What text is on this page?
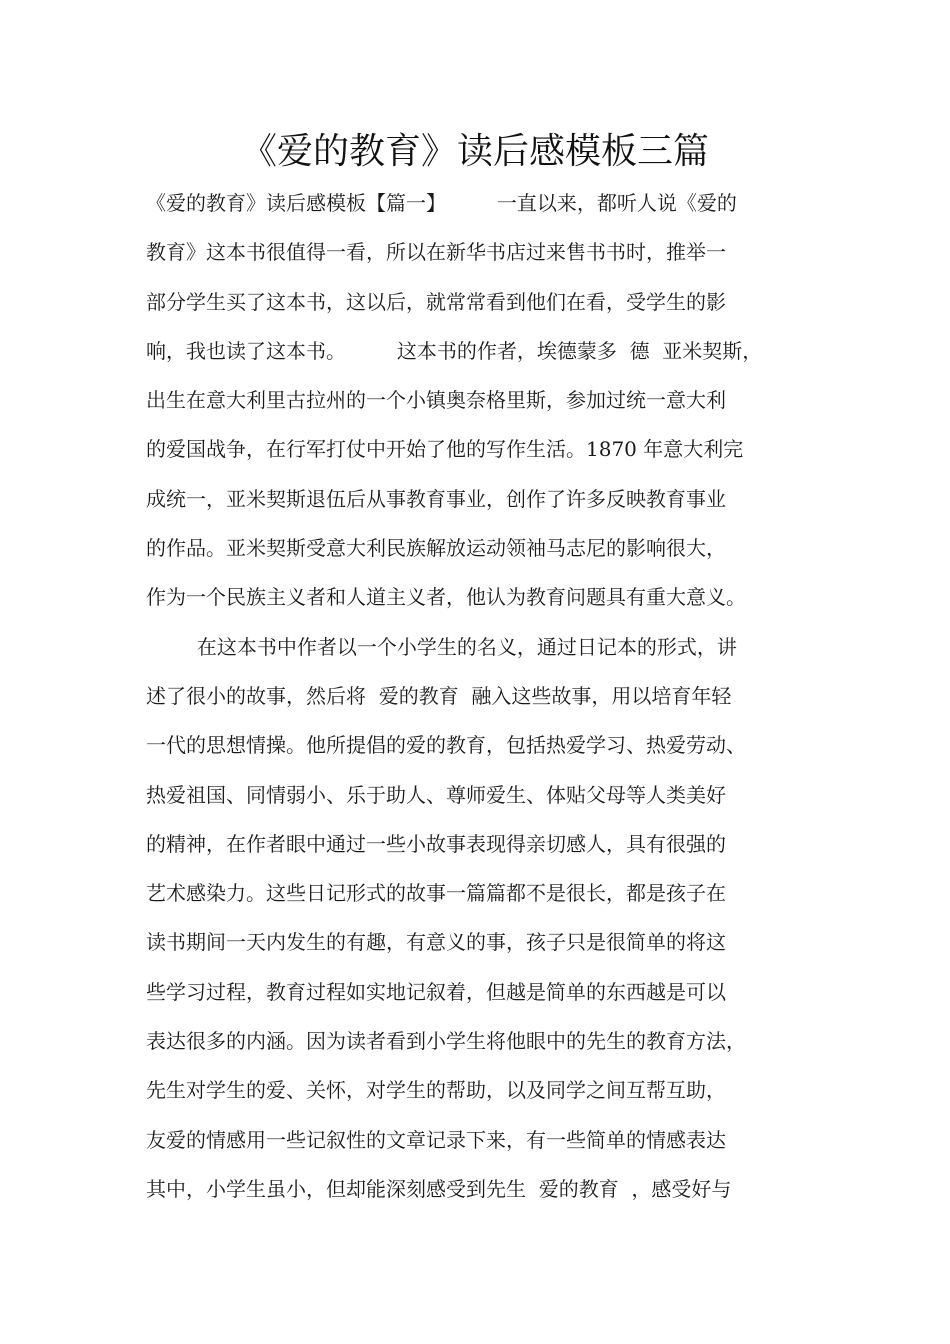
《爱的教育》读后感模板三篇
《爱的教育》读后感模板【篇一】        一直以来，都听人说《爱的
教育》这本书很值得一看，所以在新华书店过来售书书时，推举一
部分学生买了这本书，这以后，就常常看到他们在看，受学生的影
响，我也读了这本书。        这本书的作者，埃德蒙多  德  亚米契斯，
出生在意大利里古拉州的一个小镇奥奈格里斯，参加过统一意大利
的爱国战争，在行军打仗中开始了他的写作生活。1870 年意大利完
成统一，亚米契斯退伍后从事教育事业，创作了许多反映教育事业
的作品。亚米契斯受意大利民族解放运动领袖马志尼的影响很大，
作为一个民族主义者和人道主义者，他认为教育问题具有重大意义。
在这本书中作者以一个小学生的名义，通过日记本的形式，讲
述了很小的故事，然后将  爱的教育  融入这些故事，用以培育年轻
一代的思想情操。他所提倡的爱的教育，包括热爱学习、热爱劳动、
热爱祖国、同情弱小、乐于助人、尊师爱生、体贴父母等人类美好
的精神，在作者眼中通过一些小故事表现得亲切感人，具有很强的
艺术感染力。这些日记形式的故事一篇篇都不是很长，都是孩子在
读书期间一天内发生的有趣，有意义的事，孩子只是很简单的将这
些学习过程，教育过程如实地记叙着，但越是简单的东西越是可以
表达很多的内涵。因为读者看到小学生将他眼中的先生的教育方法，
先生对学生的爱、关怀，对学生的帮助，以及同学之间互帮互助，
友爱的情感用一些记叙性的文章记录下来，有一些简单的情感表达
其中，小学生虽小，但却能深刻感受到先生  爱的教育  ，感受好与
